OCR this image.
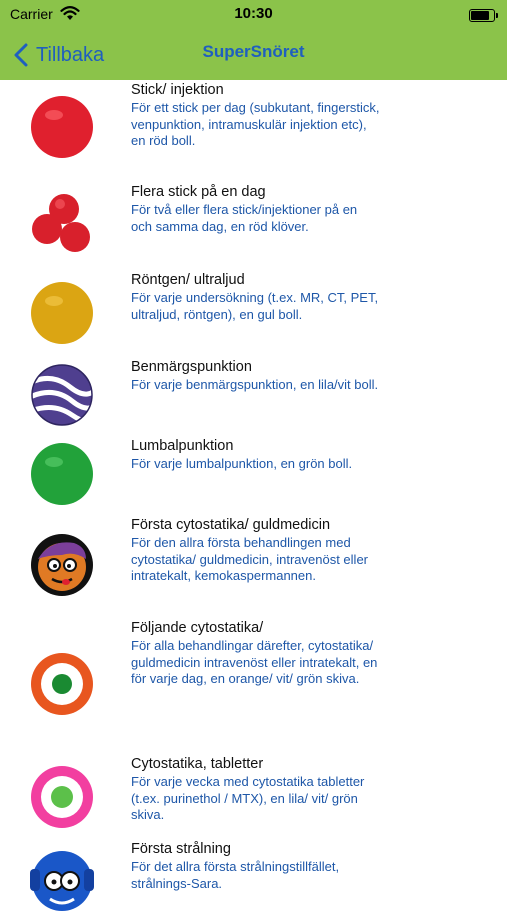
Carrier	10:30
Tillbaka	SuperSnöret
Stick/ injektion
För ett stick per dag (subkutant, fingerstick, venpunktion, intramuskulär injektion etc), en röd boll.
Flera stick på en dag
För två eller flera stick/injektioner på en och samma dag, en röd klöver.
Röntgen/ ultraljud
För varje undersökning (t.ex. MR, CT, PET, ultraljud, röntgen), en gul boll.
Benmärgspunktion
För varje benmärgspunktion, en lila/vit boll.
Lumbalpunktion
För varje lumbalpunktion, en grön boll.
Första cytostatika/ guldmedicin
För den allra första behandlingen med cytostatika/ guldmedicin, intravenöst eller intratekalt, kemokaspermannen.
Följande cytostatika/
För alla behandlingar därefter, cytostatika/ guldmedicin intravenöst eller intratekalt, en för varje dag, en orange/ vit/ grön skiva.
Cytostatika, tabletter
För varje vecka med cytostatika tabletter (t.ex. purinethol / MTX), en lila/ vit/ grön skiva.
Första strålning
För det allra första strålningstillfället, strålnings-Sara.
